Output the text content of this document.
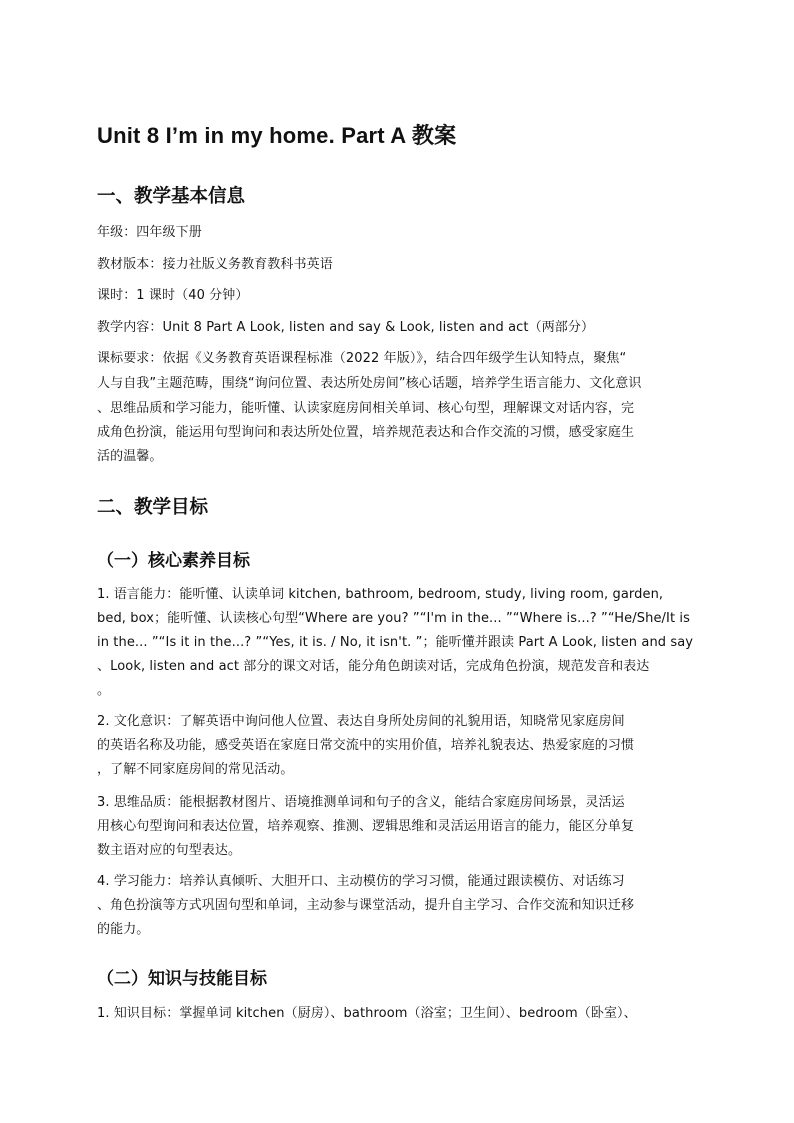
Unit 8 I’m in my home. Part A 教案
一、教学基本信息
年级：四年级下册
教材版本：接力社版义务教育教科书英语
课时：1 课时（40 分钟）
教学内容：Unit 8 Part A Look, listen and say & Look, listen and act（两部分）
课标要求：依据《义务教育英语课程标准（2022 年版）》，结合四年级学生认知特点，聚焦“
人与自我”主题范畴，围绕“询问位置、表达所处房间”核心话题，培养学生语言能力、文化意识
、思维品质和学习能力，能听懂、认读家庭房间相关单词、核心句型，理解课文对话内容，完
成角色扮演，能运用句型询问和表达所处位置，培养规范表达和合作交流的习惯，感受家庭生
活的温馨。
二、教学目标
（一）核心素养目标
1. 语言能力：能听懂、认读单词 kitchen, bathroom, bedroom, study, living room, garden,
bed, box；能听懂、认读核心句型“Where are you? ”“I'm in the... ”“Where is...? ”“He/She/It is
in the... ”“Is it in the...? ”“Yes, it is. / No, it isn't. ”；能听懂并跟读 Part A Look, listen and say
、Look, listen and act 部分的课文对话，能分角色朗读对话，完成角色扮演，规范发音和表达
。
2. 文化意识：了解英语中询问他人位置、表达自身所处房间的礼貌用语，知晓常见家庭房间
的英语名称及功能，感受英语在家庭日常交流中的实用价值，培养礼貌表达、热爱家庭的习惯
，了解不同家庭房间的常见活动。
3. 思维品质：能根据教材图片、语境推测单词和句子的含义，能结合家庭房间场景，灵活运
用核心句型询问和表达位置，培养观察、推测、逻辑思维和灵活运用语言的能力，能区分单复
数主语对应的句型表达。
4. 学习能力：培养认真倾听、大胆开口、主动模仿的学习习惯，能通过跟读模仿、对话练习
、角色扮演等方式巩固句型和单词，主动参与课堂活动，提升自主学习、合作交流和知识迁移
的能力。
（二）知识与技能目标
1. 知识目标：掌握单词 kitchen（厨房）、bathroom（浴室；卫生间）、bedroom（卧室）、
